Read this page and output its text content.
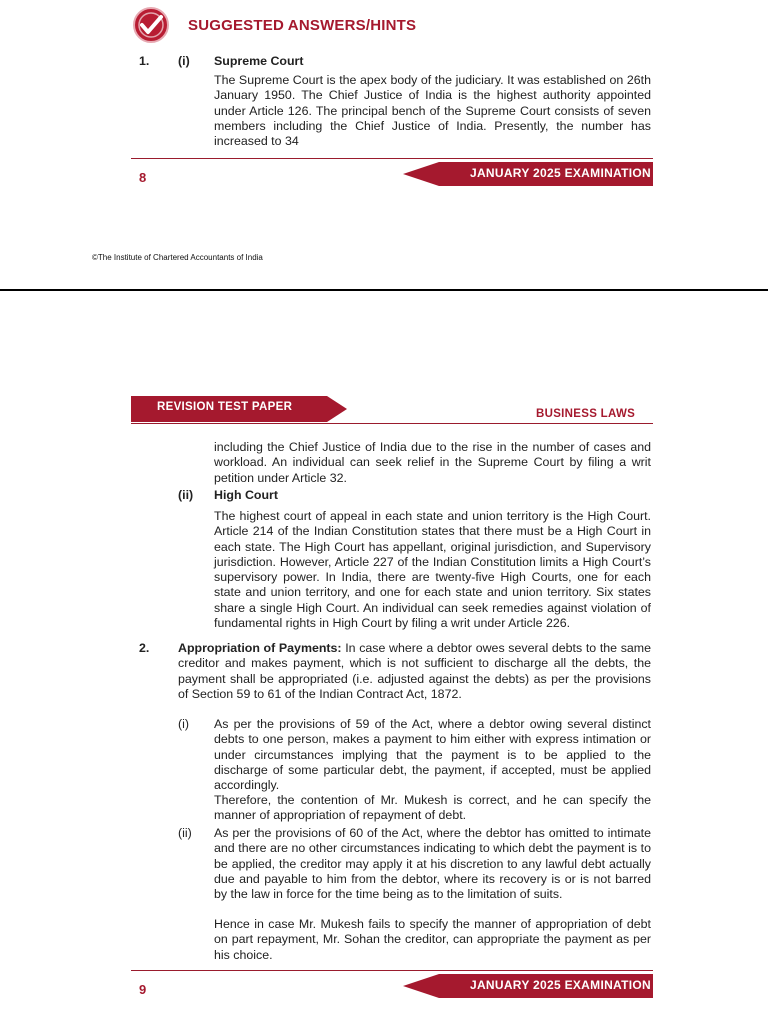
SUGGESTED ANSWERS/HINTS
1. (i) Supreme Court

The Supreme Court is the apex body of the judiciary. It was established on 26th January 1950. The Chief Justice of India is the highest authority appointed under Article 126. The principal bench of the Supreme Court consists of seven members including the Chief Justice of India. Presently, the number has increased to 34

8	JANUARY 2025 EXAMINATION
©The Institute of Chartered Accountants of India
REVISION TEST PAPER
BUSINESS LAWS

including the Chief Justice of India due to the rise in the number of cases and workload. An individual can seek relief in the Supreme Court by filing a writ petition under Article 32.

(ii) High Court

The highest court of appeal in each state and union territory is the High Court. Article 214 of the Indian Constitution states that there must be a High Court in each state. The High Court has appellant, original jurisdiction, and Supervisory jurisdiction. However, Article 227 of the Indian Constitution limits a High Court’s supervisory power. In India, there are twenty-five High Courts, one for each state and union territory, and one for each state and union territory. Six states share a single High Court. An individual can seek remedies against violation of fundamental rights in High Court by filing a writ under Article 226.

2. Appropriation of Payments: In case where a debtor owes several debts to the same creditor and makes payment, which is not sufficient to discharge all the debts, the payment shall be appropriated (i.e. adjusted against the debts) as per the provisions of Section 59 to 61 of the Indian Contract Act, 1872.

(i) As per the provisions of 59 of the Act, where a debtor owing several distinct debts to one person, makes a payment to him either with express intimation or under circumstances implying that the payment is to be applied to the discharge of some particular debt, the payment, if accepted, must be applied accordingly.

Therefore, the contention of Mr. Mukesh is correct, and he can specify the manner of appropriation of repayment of debt.

(ii) As per the provisions of 60 of the Act, where the debtor has omitted to intimate and there are no other circumstances indicating to which debt the payment is to be applied, the creditor may apply it at his discretion to any lawful debt actually due and payable to him from the debtor, where its recovery is or is not barred by the law in force for the time being as to the limitation of suits.

Hence in case Mr. Mukesh fails to specify the manner of appropriation of debt on part repayment, Mr. Sohan the creditor, can appropriate the payment as per his choice.

9	JANUARY 2025 EXAMINATION
